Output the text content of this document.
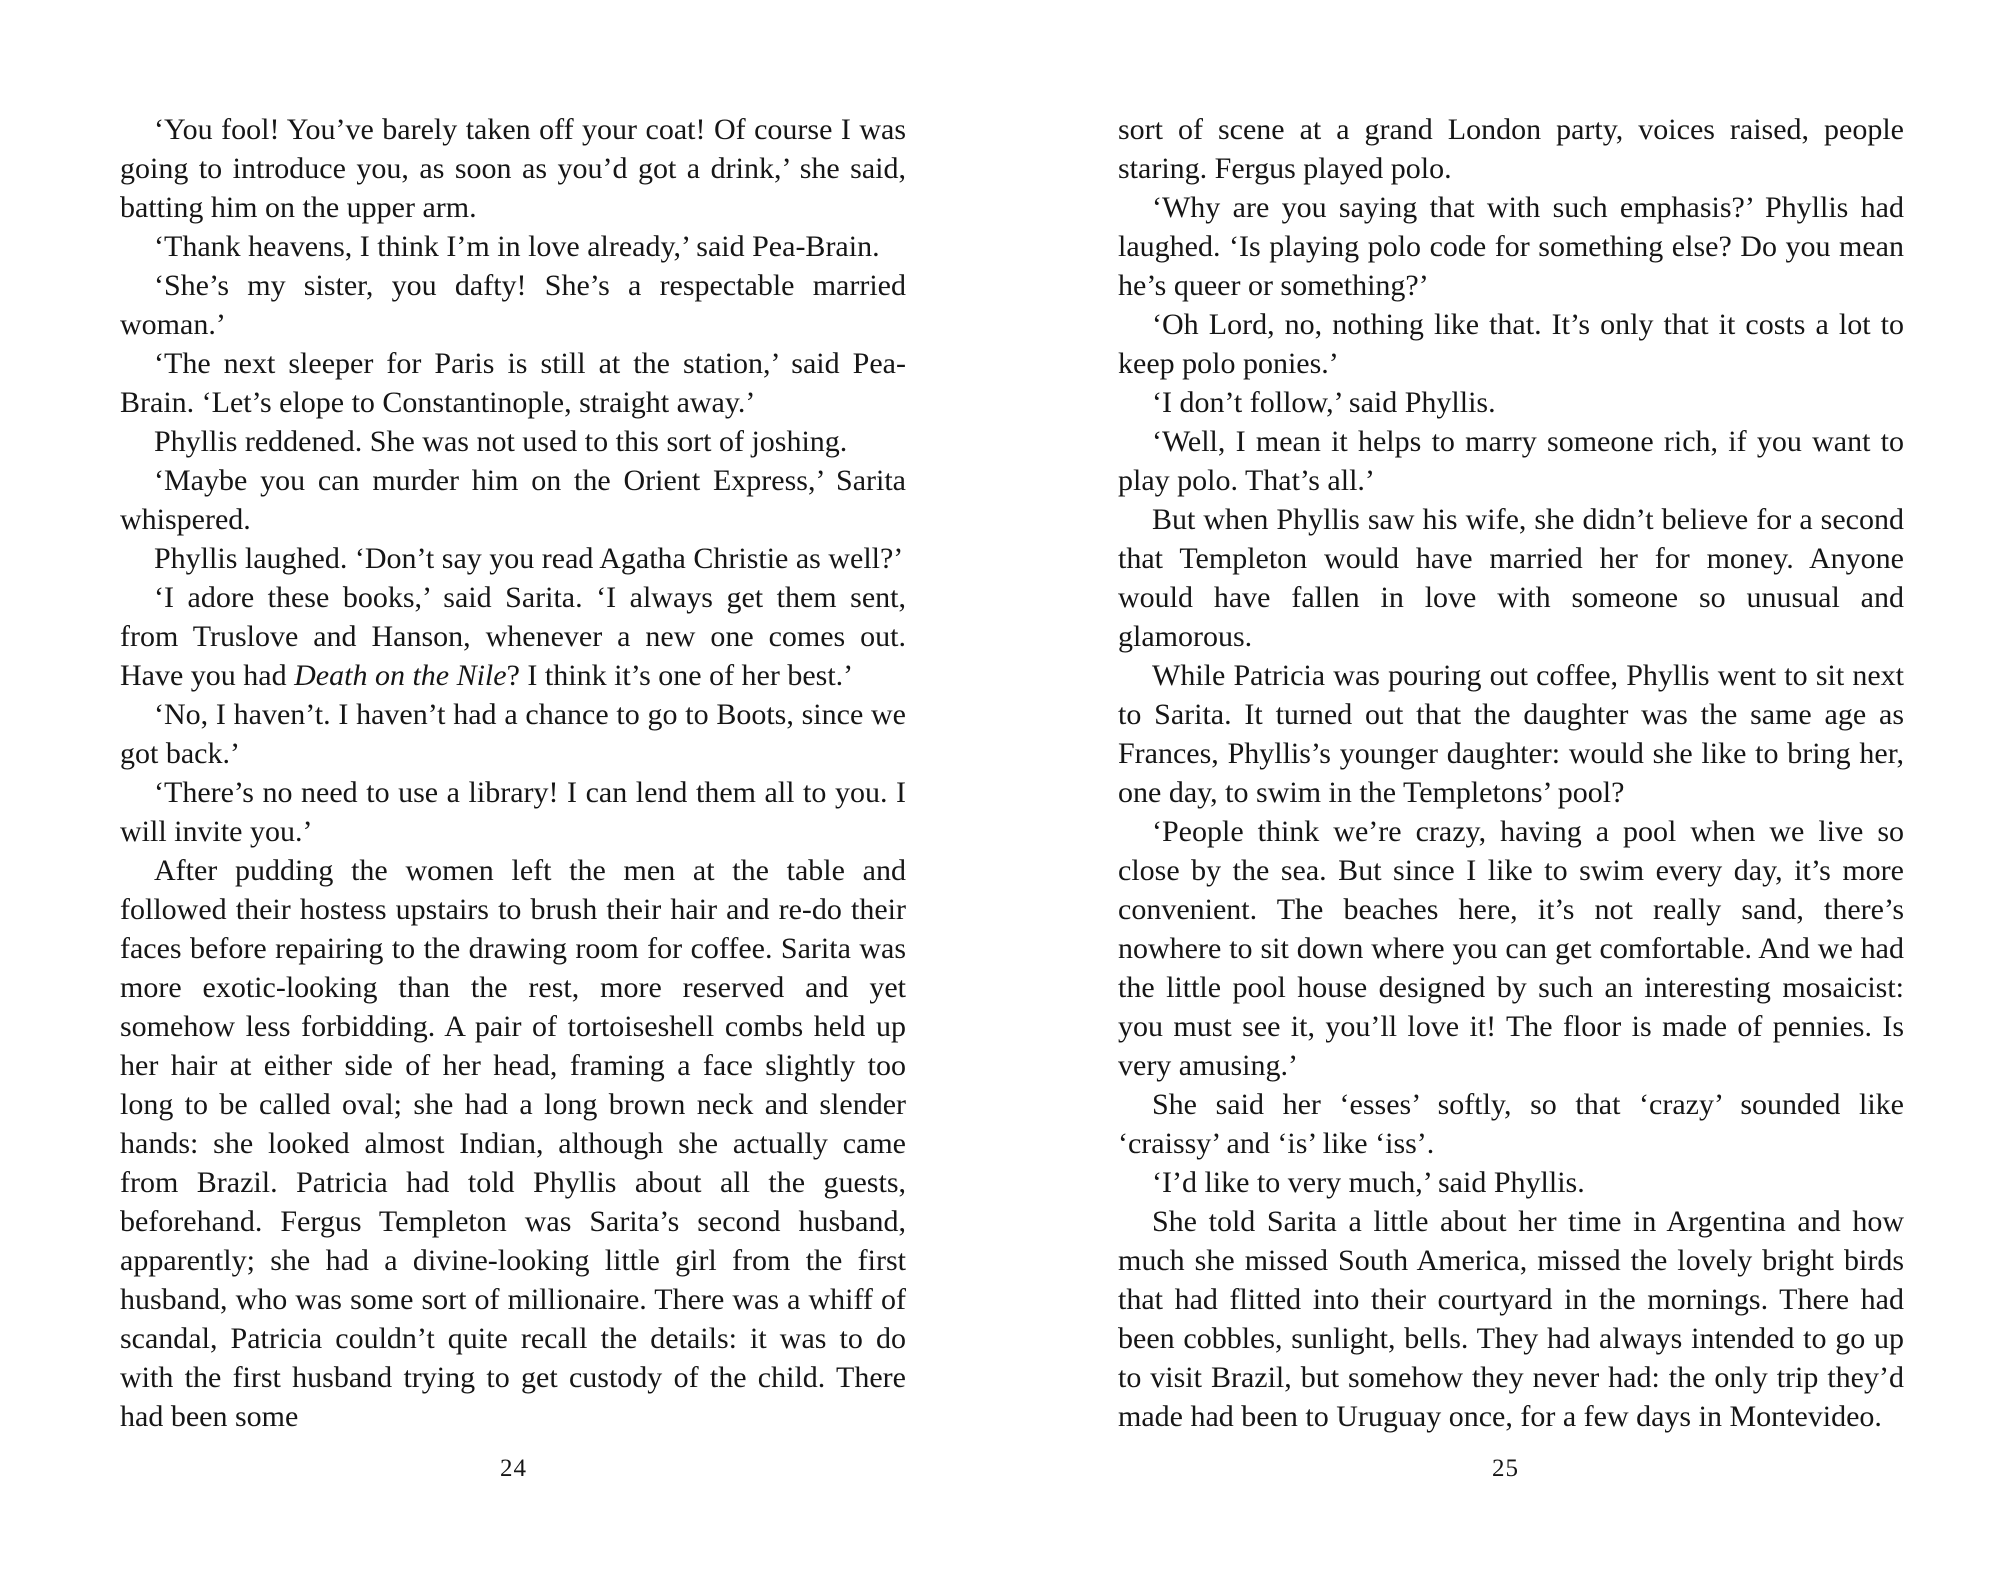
‘You fool! You’ve barely taken off your coat! Of course I was going to introduce you, as soon as you’d got a drink,’ she said, batting him on the upper arm.

‘Thank heavens, I think I’m in love already,’ said Pea-Brain.

‘She’s my sister, you dafty! She’s a respectable married woman.’

‘The next sleeper for Paris is still at the station,’ said Pea-Brain. ‘Let’s elope to Constantinople, straight away.’

Phyllis reddened. She was not used to this sort of joshing.

‘Maybe you can murder him on the Orient Express,’ Sarita whispered.

Phyllis laughed. ‘Don’t say you read Agatha Christie as well?’

‘I adore these books,’ said Sarita. ‘I always get them sent, from Truslove and Hanson, whenever a new one comes out. Have you had Death on the Nile? I think it’s one of her best.’

‘No, I haven’t. I haven’t had a chance to go to Boots, since we got back.’

‘There’s no need to use a library! I can lend them all to you. I will invite you.’

After pudding the women left the men at the table and followed their hostess upstairs to brush their hair and re-do their faces before repairing to the drawing room for coffee. Sarita was more exotic-looking than the rest, more reserved and yet somehow less forbidding. A pair of tortoiseshell combs held up her hair at either side of her head, framing a face slightly too long to be called oval; she had a long brown neck and slender hands: she looked almost Indian, although she actually came from Brazil. Patricia had told Phyllis about all the guests, beforehand. Fergus Templeton was Sarita’s second husband, apparently; she had a divine-looking little girl from the first husband, who was some sort of millionaire. There was a whiff of scandal, Patricia couldn’t quite recall the details: it was to do with the first husband trying to get custody of the child. There had been some

sort of scene at a grand London party, voices raised, people staring. Fergus played polo.

‘Why are you saying that with such emphasis?’ Phyllis had laughed. ‘Is playing polo code for something else? Do you mean he’s queer or something?’

‘Oh Lord, no, nothing like that. It’s only that it costs a lot to keep polo ponies.’

‘I don’t follow,’ said Phyllis.

‘Well, I mean it helps to marry someone rich, if you want to play polo. That’s all.’

But when Phyllis saw his wife, she didn’t believe for a second that Templeton would have married her for money. Anyone would have fallen in love with someone so unusual and glamorous.

While Patricia was pouring out coffee, Phyllis went to sit next to Sarita. It turned out that the daughter was the same age as Frances, Phyllis’s younger daughter: would she like to bring her, one day, to swim in the Templetons’ pool?

‘People think we’re crazy, having a pool when we live so close by the sea. But since I like to swim every day, it’s more convenient. The beaches here, it’s not really sand, there’s nowhere to sit down where you can get comfortable. And we had the little pool house designed by such an interesting mosaicist: you must see it, you’ll love it! The floor is made of pennies. Is very amusing.’

She said her ‘esses’ softly, so that ‘crazy’ sounded like ‘craissy’ and ‘is’ like ‘iss’.

‘I’d like to very much,’ said Phyllis.

She told Sarita a little about her time in Argentina and how much she missed South America, missed the lovely bright birds that had flitted into their courtyard in the mornings. There had been cobbles, sunlight, bells. They had always intended to go up to visit Brazil, but somehow they never had: the only trip they’d made had been to Uruguay once, for a few days in Montevideo.

24	25
